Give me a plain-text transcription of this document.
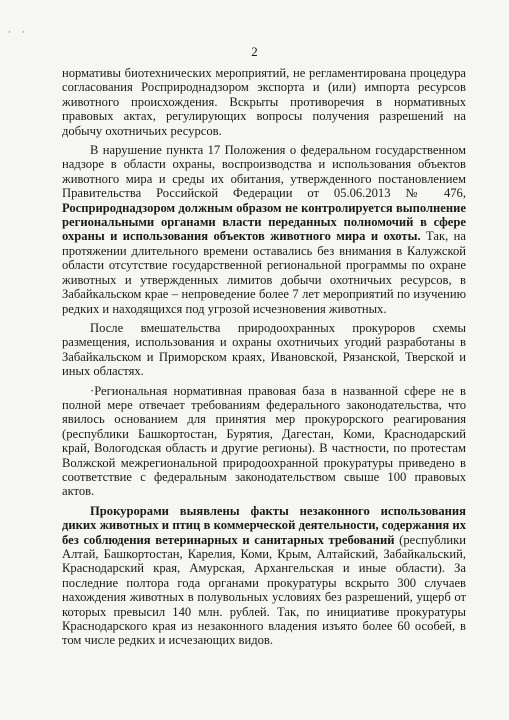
· ·
2

нормативы биотехнических мероприятий, не регламентирована процедура согласования Росприроднадзором экспорта и (или) импорта ресурсов животного происхождения. Вскрыты противоречия в нормативных правовых актах, регулирующих вопросы получения разрешений на добычу охотничьих ресурсов.

В нарушение пункта 17 Положения о федеральном государственном надзоре в области охраны, воспроизводства и использования объектов животного мира и среды их обитания, утвержденного постановлением Правительства Российской Федерации от 05.06.2013 № 476, Росприроднадзором должным образом не контролируется выполнение региональными органами власти переданных полномочий в сфере охраны и использования объектов животного мира и охоты. Так, на протяжении длительного времени оставались без внимания в Калужской области отсутствие государственной региональной программы по охране животных и утвержденных лимитов добычи охотничьих ресурсов, в Забайкальском крае – непроведение более 7 лет мероприятий по изучению редких и находящихся под угрозой исчезновения животных.

После вмешательства природоохранных прокуроров схемы размещения, использования и охраны охотничьих угодий разработаны в Забайкальском и Приморском краях, Ивановской, Рязанской, Тверской и иных областях.

·Региональная нормативная правовая база в названной сфере не в полной мере отвечает требованиям федерального законодательства, что явилось основанием для принятия мер прокурорского реагирования (республики Башкортостан, Бурятия, Дагестан, Коми, Краснодарский край, Вологодская область и другие регионы). В частности, по протестам Волжской межрегиональной природоохранной прокуратуры приведено в соответствие с федеральным законодательством свыше 100 правовых актов.

Прокурорами выявлены факты незаконного использования диких животных и птиц в коммерческой деятельности, содержания их без соблюдения ветеринарных и санитарных требований (республики Алтай, Башкортостан, Карелия, Коми, Крым, Алтайский, Забайкальский, Краснодарский края, Амурская, Архангельская и иные области). За последние полтора года органами прокуратуры вскрыто 300 случаев нахождения животных в полувольных условиях без разрешений, ущерб от которых превысил 140 млн. рублей. Так, по инициативе прокуратуры Краснодарского края из незаконного владения изъято более 60 особей, в том числе редких и исчезающих видов.
